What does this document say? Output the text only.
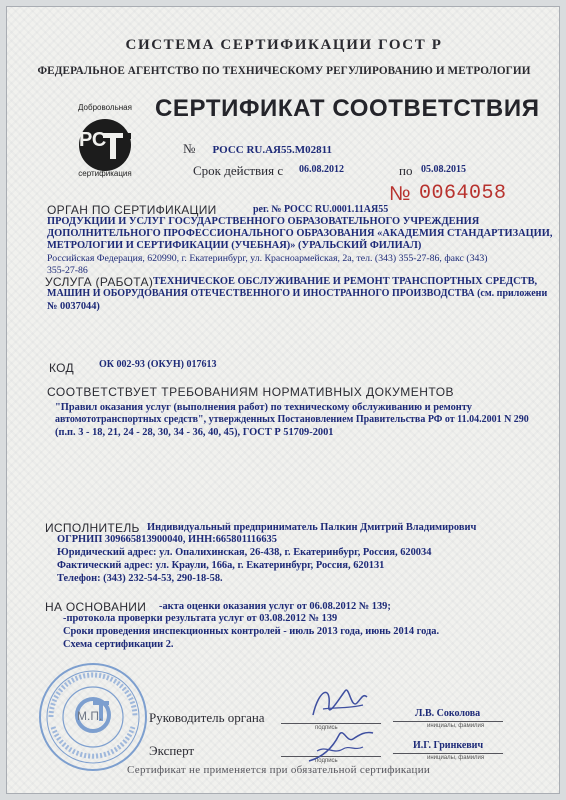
СИСТЕМА СЕРТИФИКАЦИИ ГОСТ Р
ФЕДЕРАЛЬНОЕ АГЕНТСТВО ПО ТЕХНИЧЕСКОМУ РЕГУЛИРОВАНИЮ И МЕТРОЛОГИИ
Добровольная
РС
сертификация
СЕРТИФИКАТ СООТВЕТСТВИЯ
№ РОСС RU.АЯ55.М02811
Срок действия с 06.08.2012	по 05.08.2015
№ 0064058
ОРГАН ПО СЕРТИФИКАЦИИ	рег. № РОСС RU.0001.11АЯ55
ПРОДУКЦИИ И УСЛУГ ГОСУДАРСТВЕННОГО ОБРАЗОВАТЕЛЬНОГО УЧРЕЖДЕНИЯ
ДОПОЛНИТЕЛЬНОГО ПРОФЕССИОНАЛЬНОГО ОБРАЗОВАНИЯ «АКАДЕМИЯ СТАНДАРТИЗАЦИИ,
МЕТРОЛОГИИ И СЕРТИФИКАЦИИ (УЧЕБНАЯ)» (УРАЛЬСКИЙ ФИЛИАЛ)
Российская Федерация, 620990, г. Екатеринбург, ул. Красноармейская, 2а, тел. (343) 355-27-86, факс (343)
355-27-86
УСЛУГА (РАБОТА) ТЕХНИЧЕСКОЕ ОБСЛУЖИВАНИЕ И РЕМОНТ ТРАНСПОРТНЫХ СРЕДСТВ,
МАШИН И ОБОРУДОВАНИЯ ОТЕЧЕСТВЕННОГО И ИНОСТРАННОГО ПРОИЗВОДСТВА (см. приложени
№ 0037044)
КОД	ОК 002-93 (ОКУН) 017613
СООТВЕТСТВУЕТ ТРЕБОВАНИЯМ НОРМАТИВНЫХ ДОКУМЕНТОВ
"Правил оказания услуг (выполнения работ) по техническому обслуживанию и ремонту
автомототранспортных средств", утвержденных Постановлением Правительства РФ от 11.04.2001 N 290
(п.п. 3 - 18, 21, 24 - 28, 30, 34 - 36, 40, 45), ГОСТ Р 51709-2001
ИСПОЛНИТЕЛЬ Индивидуальный предприниматель Палкин Дмитрий Владимирович
ОГРНИП 309665813900040, ИНН:665801116635
Юридический адрес: ул. Опалихинская, 26-438, г. Екатеринбург, Россия, 620034
Фактический адрес: ул. Краули, 166а, г. Екатеринбург, Россия, 620131
Телефон: (343) 232-54-53, 290-18-58.
НА ОСНОВАНИИ -акта оценки оказания услуг от 06.08.2012 № 139;
-протокола проверки результата услуг от 03.08.2012 № 139
Сроки проведения инспекционных контролей - июль 2013 года, июнь 2014 года.
Схема сертификации 2.
М.П.	Руководитель органа
подпись
Л.В. Соколова
инициалы, фамилия
Эксперт
подпись
И.Г. Гринкевич
инициалы, фамилия
Сертификат не применяется при обязательной сертификации
